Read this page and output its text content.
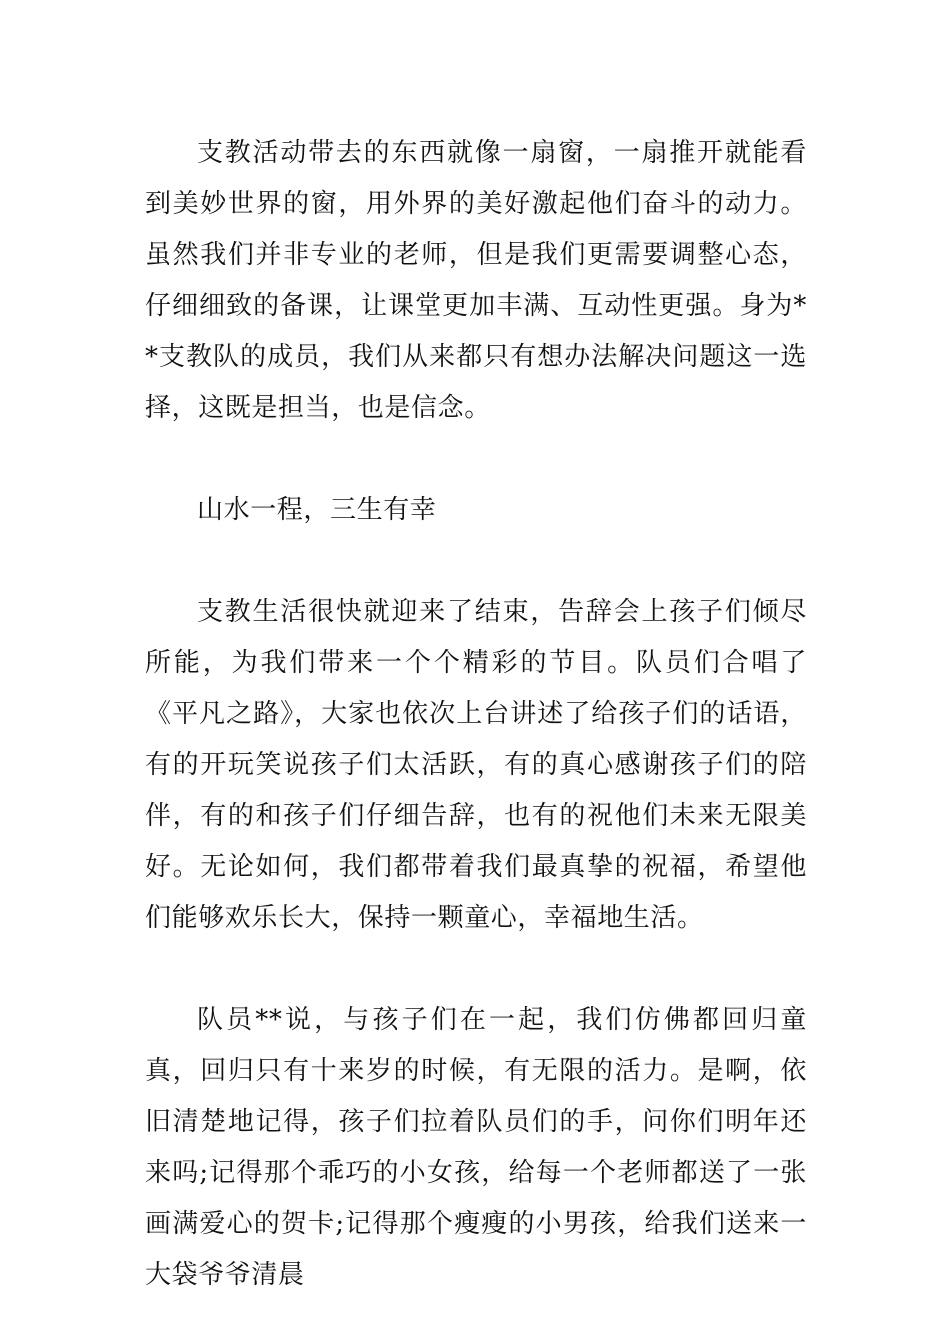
支教活动带去的东西就像一扇窗，一扇推开就能看到美妙世界的窗，用外界的美好激起他们奋斗的动力。虽然我们并非专业的老师，但是我们更需要调整心态，仔细细致的备课，让课堂更加丰满、互动性更强。身为**支教队的成员，我们从来都只有想办法解决问题这一选择，这既是担当，也是信念。

山水一程，三生有幸

支教生活很快就迎来了结束，告辞会上孩子们倾尽所能，为我们带来一个个精彩的节目。队员们合唱了《平凡之路》，大家也依次上台讲述了给孩子们的话语，有的开玩笑说孩子们太活跃，有的真心感谢孩子们的陪伴，有的和孩子们仔细告辞，也有的祝他们未来无限美好。无论如何，我们都带着我们最真挚的祝福，希望他们能够欢乐长大，保持一颗童心，幸福地生活。

队员**说，与孩子们在一起，我们仿佛都回归童真，回归只有十来岁的时候，有无限的活力。是啊，依旧清楚地记得，孩子们拉着队员们的手，问你们明年还来吗;记得那个乖巧的小女孩，给每一个老师都送了一张画满爱心的贺卡;记得那个瘦瘦的小男孩，给我们送来一大袋爷爷清晨
